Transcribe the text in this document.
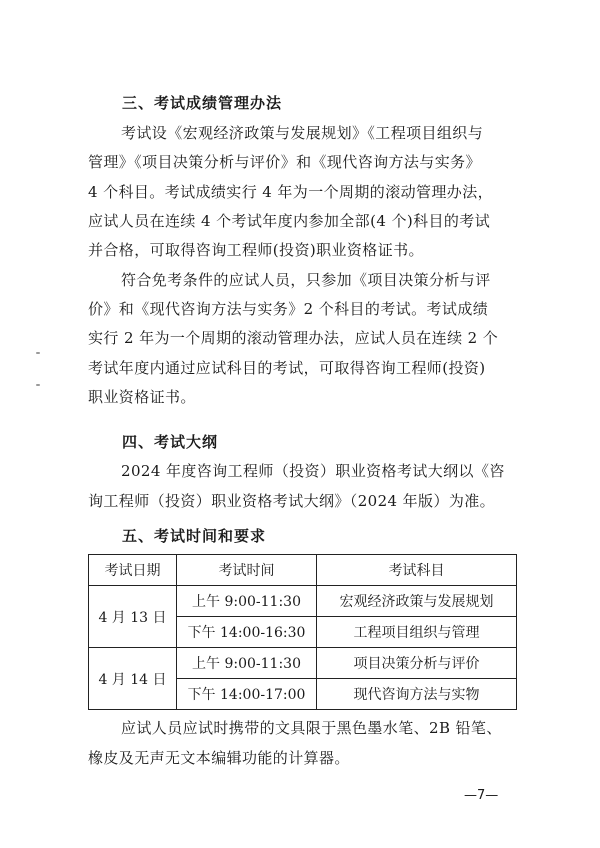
三、考试成绩管理办法
考试设《宏观经济政策与发展规划》《工程项目组织与
管理》《项目决策分析与评价》和《现代咨询方法与实务》
4 个科目。考试成绩实行 4 年为一个周期的滚动管理办法，
应试人员在连续 4 个考试年度内参加全部(4 个)科目的考试
并合格，可取得咨询工程师(投资)职业资格证书。
符合免考条件的应试人员，只参加《项目决策分析与评
价》和《现代咨询方法与实务》2 个科目的考试。考试成绩
实行 2 年为一个周期的滚动管理办法，应试人员在连续 2 个
考试年度内通过应试科目的考试，可取得咨询工程师(投资)
职业资格证书。
四、考试大纲
2024 年度咨询工程师（投资）职业资格考试大纲以《咨
询工程师（投资）职业资格考试大纲》（2024 年版）为准。
五、考试时间和要求
考试日期	考试时间	考试科目
4 月 13 日	上午 9:00-11:30	宏观经济政策与发展规划
	下午 14:00-16:30	工程项目组织与管理
4 月 14 日	上午 9:00-11:30	项目决策分析与评价
	下午 14:00-17:00	现代咨询方法与实物
应试人员应试时携带的文具限于黑色墨水笔、2B 铅笔、
橡皮及无声无文本编辑功能的计算器。
—7—
